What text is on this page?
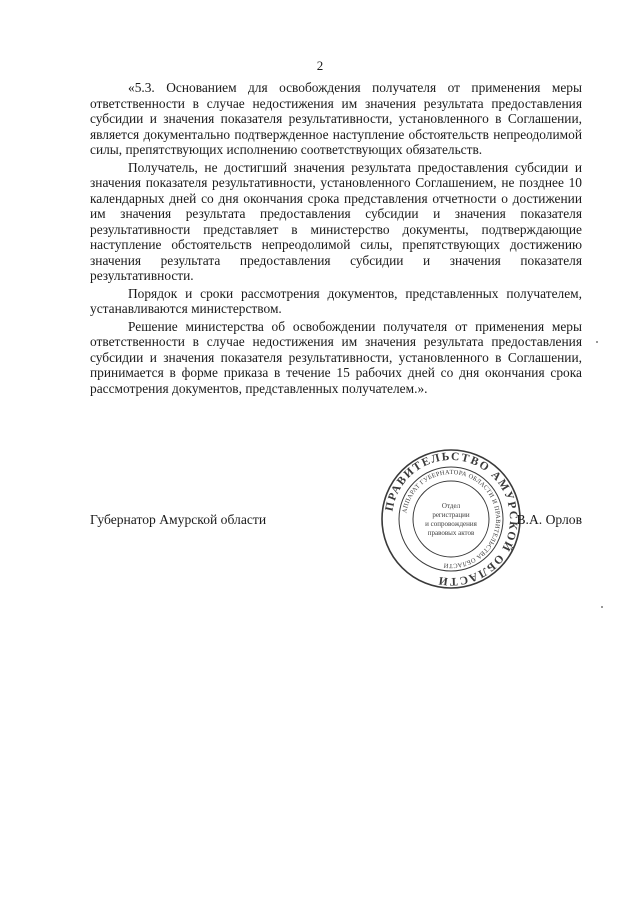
2

«5.3. Основанием для освобождения получателя от применения меры ответственности в случае недостижения им значения результата предоставления субсидии и значения показателя результативности, установленного в Соглашении, является документально подтвержденное наступление обстоятельств непреодолимой силы, препятствующих исполнению соответствующих обязательств.

Получатель, не достигший значения результата предоставления субсидии и значения показателя результативности, установленного Соглашением, не позднее 10 календарных дней со дня окончания срока представления отчетности о достижении им значения результата предоставления субсидии и значения показателя результативности представляет в министерство документы, подтверждающие наступление обстоятельств непреодолимой силы, препятствующих достижению значения результата предоставления субсидии и значения показателя результативности.

Порядок и сроки рассмотрения документов, представленных получателем, устанавливаются министерством.

Решение министерства об освобождении получателя от применения меры ответственности в случае недостижения им значения результата предоставления субсидии и значения показателя результативности, установленного в Соглашении, принимается в форме приказа в течение 15 рабочих дней со дня окончания срока рассмотрения документов, представленных получателем.».

ПРАВИТЕЛЬСТВО АМУРСКОЙ ОБЛАСТИ
АППАРАТ ГУБЕРНАТОРА ОБЛАСТИ И ПРАВИТЕЛЬСТВА ОБЛАСТИ
Отдел
регистрации
и сопровождения
правовых актов
Губернатор Амурской области	В.А. Орлов
